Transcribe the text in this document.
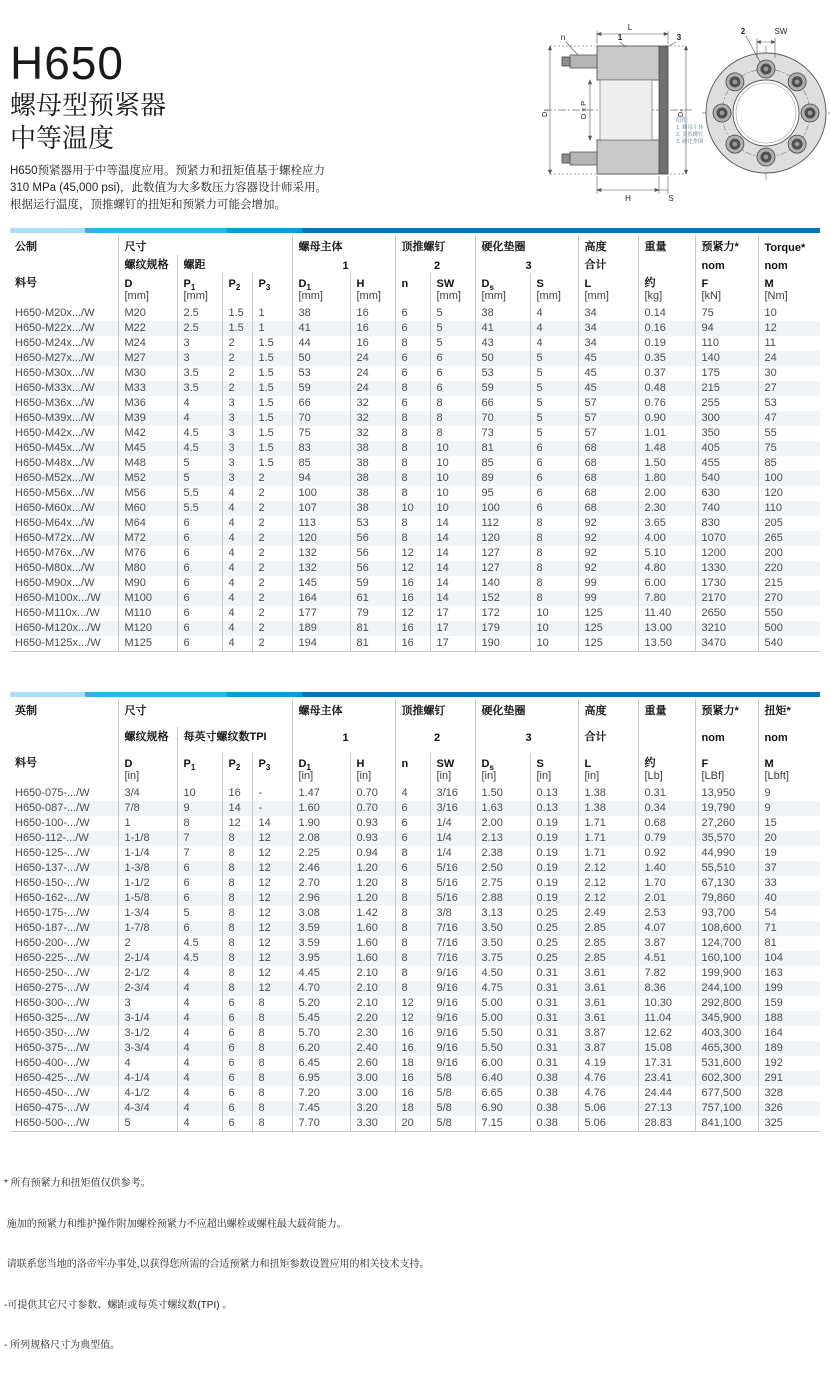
H650
螺母型预紧器
中等温度
H650预紧器用于中等温度应用。预紧力和扭矩值基于螺栓应力
310 MPa (45,000 psi)，此数值为大多数压力容器设计师采用。
根据运行温度，顶推螺钉的扭矩和预紧力可能会增加。
L
n	1	3
D₁	D x P	Dₛ
H	S
组件:
1. 螺母主体
2. 顶推螺钉
3. 硬化垫圈
2	SW
公制	尺寸				螺母主体		顶推螺钉		硬化垫圈		高度	重量	预紧力*	Torque*
	螺纹规格	螺距			1		2		3		合计		nom	nom
料号	D	$P_1$	$P_2$	$P_3$	$D_1$	H	n	SW	$D_s$	S	L	约	F	M
	[mm]	[mm]			[mm]	[mm]		[mm]	[mm]	[mm]	[mm]	[kg]	[kN]	[Nm]
H650-M20x.../W	M20	2.5	1.5	1	38	16	6	5	38	4	34	0.14	75	10
H650-M22x.../W	M22	2.5	1.5	1	41	16	6	5	41	4	34	0.16	94	12
H650-M24x.../W	M24	3	2	1.5	44	16	8	5	43	4	34	0.19	110	11
H650-M27x.../W	M27	3	2	1.5	50	24	6	6	50	5	45	0.35	140	24
H650-M30x.../W	M30	3.5	2	1.5	53	24	6	6	53	5	45	0.37	175	30
H650-M33x.../W	M33	3.5	2	1.5	59	24	8	6	59	5	45	0.48	215	27
H650-M36x.../W	M36	4	3	1.5	66	32	6	8	66	5	57	0.76	255	53
H650-M39x.../W	M39	4	3	1.5	70	32	8	8	70	5	57	0.90	300	47
H650-M42x.../W	M42	4.5	3	1.5	75	32	8	8	73	5	57	1.01	350	55
H650-M45x.../W	M45	4.5	3	1.5	83	38	8	10	81	6	68	1.48	405	75
H650-M48x.../W	M48	5	3	1.5	85	38	8	10	85	6	68	1.50	455	85
H650-M52x.../W	M52	5	3	2	94	38	8	10	89	6	68	1.80	540	100
H650-M56x.../W	M56	5.5	4	2	100	38	8	10	95	6	68	2.00	630	120
H650-M60x.../W	M60	5.5	4	2	107	38	10	10	100	6	68	2.30	740	110
H650-M64x.../W	M64	6	4	2	113	53	8	14	112	8	92	3.65	830	205
H650-M72x.../W	M72	6	4	2	120	56	8	14	120	8	92	4.00	1070	265
H650-M76x.../W	M76	6	4	2	132	56	12	14	127	8	92	5.10	1200	200
H650-M80x.../W	M80	6	4	2	132	56	12	14	127	8	92	4.80	1330	220
H650-M90x.../W	M90	6	4	2	145	59	16	14	140	8	99	6.00	1730	215
H650-M100x.../W	M100	6	4	2	164	61	16	14	152	8	99	7.80	2170	270
H650-M110x.../W	M110	6	4	2	177	79	12	17	172	10	125	11.40	2650	550
H650-M120x.../W	M120	6	4	2	189	81	16	17	179	10	125	13.00	3210	500
H650-M125x.../W	M125	6	4	2	194	81	16	17	190	10	125	13.50	3470	540
英制	尺寸				螺母主体		顶推螺钉		硬化垫圈		高度	重量	预紧力*	扭矩*
	螺纹规格	每英寸螺纹数TPI			1		2		3		合计		nom	nom
料号	D	$P_1$	$P_2$	$P_3$	$D_1$	H	n	SW	$D_s$	S	L	约	F	M
	[in]				[in]	[in]		[in]	[in]	[in]	[in]	[Lb]	[LBf]	[Lbft]
H650-075-.../W	3/4	10	16	-	1.47	0.70	4	3/16	1.50	0.13	1.38	0.31	13,950	9
H650-087-.../W	7/8	9	14	-	1.60	0.70	6	3/16	1.63	0.13	1.38	0.34	19,790	9
H650-100-.../W	1	8	12	14	1.90	0.93	6	1/4	2.00	0.19	1.71	0.68	27,260	15
H650-112-.../W	1-1/8	7	8	12	2.08	0.93	6	1/4	2.13	0.19	1.71	0.79	35,570	20
H650-125-.../W	1-1/4	7	8	12	2.25	0.94	8	1/4	2.38	0.19	1.71	0.92	44,990	19
H650-137-.../W	1-3/8	6	8	12	2.46	1.20	6	5/16	2.50	0.19	2.12	1.40	55,510	37
H650-150-.../W	1-1/2	6	8	12	2.70	1.20	8	5/16	2.75	0.19	2.12	1.70	67,130	33
H650-162-.../W	1-5/8	6	8	12	2.96	1.20	8	5/16	2.88	0.19	2.12	2.01	79,860	40
H650-175-.../W	1-3/4	5	8	12	3.08	1.42	8	3/8	3.13	0.25	2.49	2.53	93,700	54
H650-187-.../W	1-7/8	6	8	12	3.59	1.60	8	7/16	3.50	0.25	2.85	4.07	108,600	71
H650-200-.../W	2	4.5	8	12	3.59	1.60	8	7/16	3.50	0.25	2.85	3.87	124,700	81
H650-225-.../W	2-1/4	4.5	8	12	3.95	1.60	8	7/16	3.75	0.25	2.85	4.51	160,100	104
H650-250-.../W	2-1/2	4	8	12	4.45	2.10	8	9/16	4.50	0.31	3.61	7.82	199,900	163
H650-275-.../W	2-3/4	4	8	12	4.70	2.10	8	9/16	4.75	0.31	3.61	8.36	244,100	199
H650-300-.../W	3	4	6	8	5.20	2.10	12	9/16	5.00	0.31	3.61	10.30	292,800	159
H650-325-.../W	3-1/4	4	6	8	5.45	2.20	12	9/16	5.00	0.31	3.61	11.04	345,900	188
H650-350-.../W	3-1/2	4	6	8	5.70	2.30	16	9/16	5.50	0.31	3.87	12.62	403,300	164
H650-375-.../W	3-3/4	4	6	8	6.20	2.40	16	9/16	5.50	0.31	3.87	15.08	465,300	189
H650-400-.../W	4	4	6	8	6.45	2.60	18	9/16	6.00	0.31	4.19	17.31	531,600	192
H650-425-.../W	4-1/4	4	6	8	6.95	3.00	16	5/8	6.40	0.38	4.76	23.41	602,300	291
H650-450-.../W	4-1/2	4	6	8	7.20	3.00	16	5/8	6.65	0.38	4.76	24.44	677,500	328
H650-475-.../W	4-3/4	4	6	8	7.45	3.20	18	5/8	6.90	0.38	5.06	27.13	757,100	326
H650-500-.../W	5	4	6	8	7.70	3.30	20	5/8	7.15	0.38	5.06	28.83	841,100	325

* 所有预紧力和扭矩值仅供参考。

施加的预紧力和维护操作附加螺栓预紧力不应超出螺栓或螺柱最大载荷能力。

请联系您当地的洛帝牢办事处,以获得您所需的合适预紧力和扭矩参数设置应用的相关技术支持。

-可提供其它尺寸参数、螺距或每英寸螺纹数(TPI) 。

- 所列规格尺寸为典型值。
